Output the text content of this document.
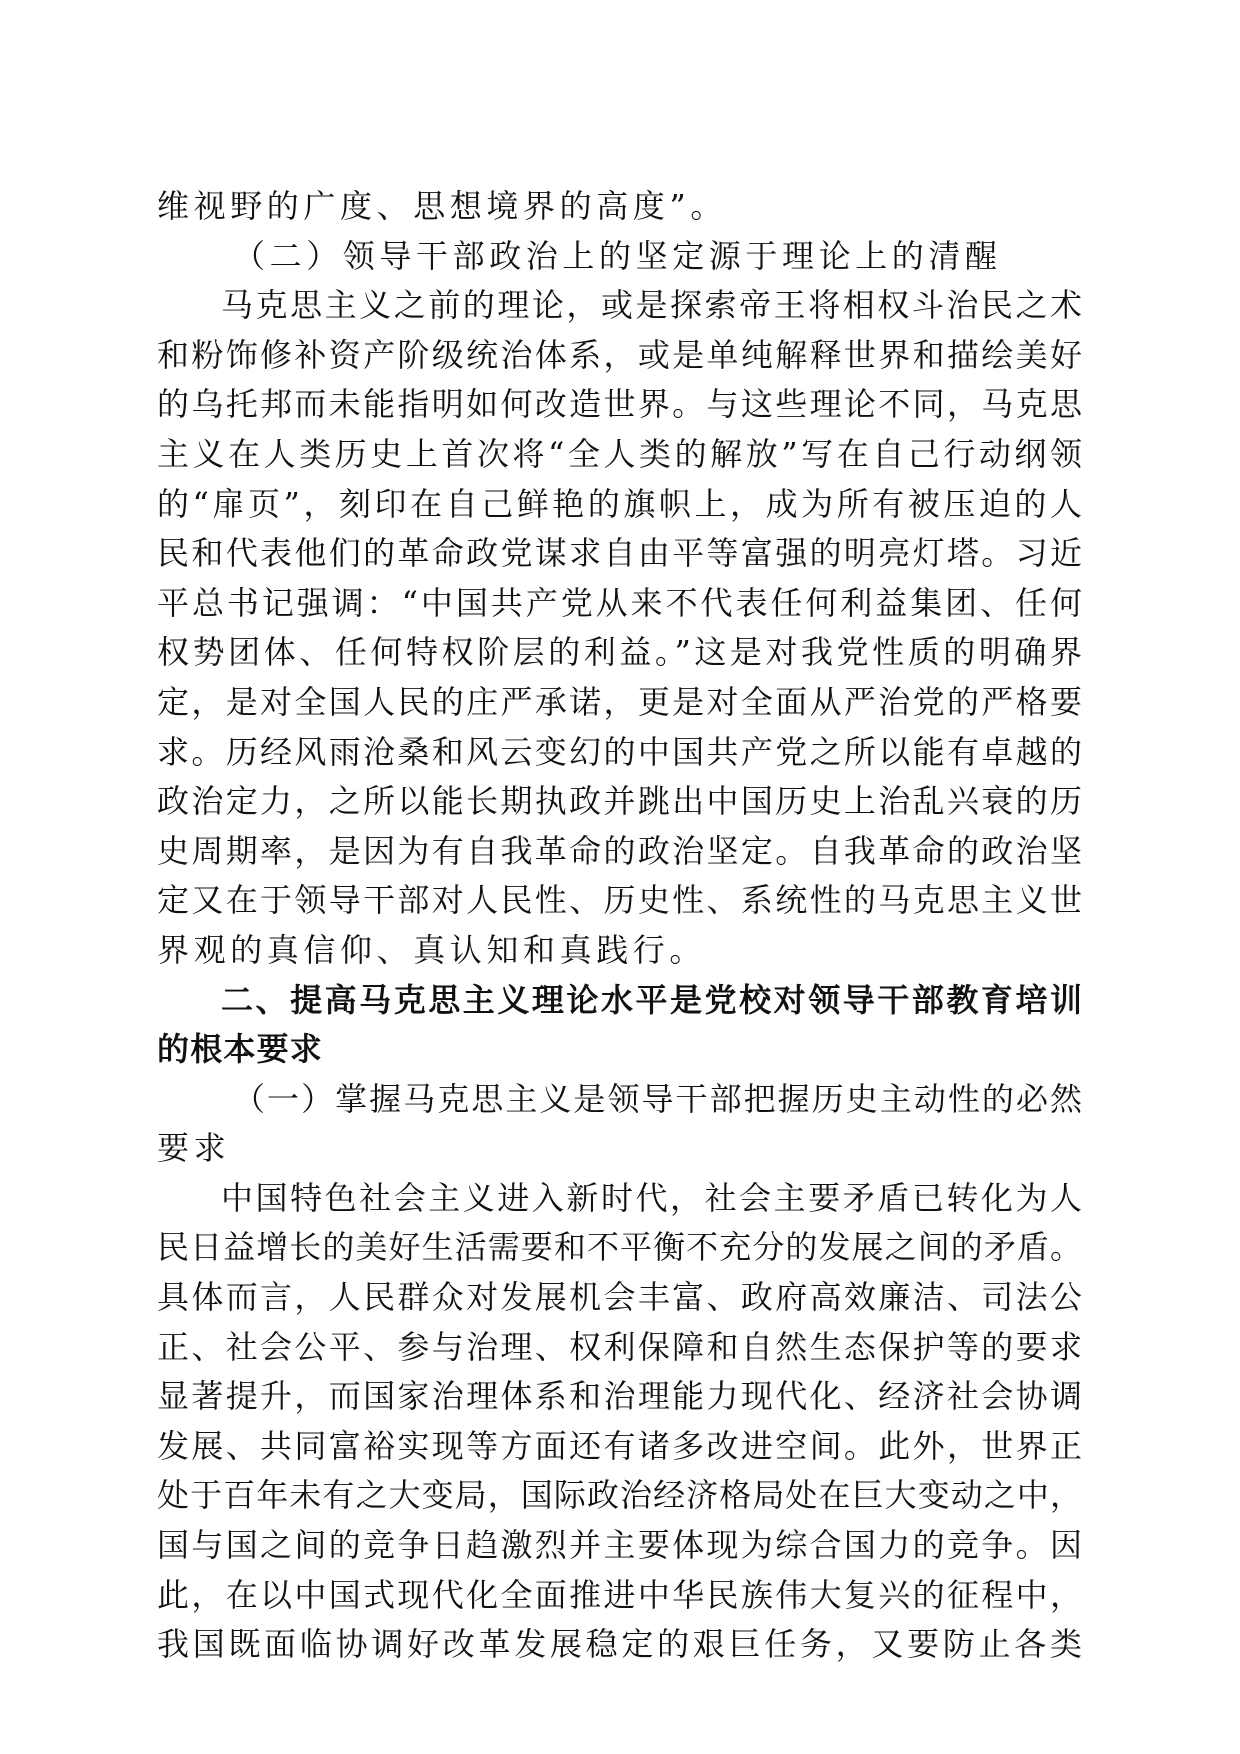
维视野的广度、思想境界的高度”。
（二）领导干部政治上的坚定源于理论上的清醒
马克思主义之前的理论，或是探索帝王将相权斗治民之术
和粉饰修补资产阶级统治体系，或是单纯解释世界和描绘美好
的乌托邦而未能指明如何改造世界。与这些理论不同，马克思
主义在人类历史上首次将“全人类的解放”写在自己行动纲领
的“扉页”，刻印在自己鲜艳的旗帜上，成为所有被压迫的人
民和代表他们的革命政党谋求自由平等富强的明亮灯塔。习近
平总书记强调：“中国共产党从来不代表任何利益集团、任何
权势团体、任何特权阶层的利益。”这是对我党性质的明确界
定，是对全国人民的庄严承诺，更是对全面从严治党的严格要
求。历经风雨沧桑和风云变幻的中国共产党之所以能有卓越的
政治定力，之所以能长期执政并跳出中国历史上治乱兴衰的历
史周期率，是因为有自我革命的政治坚定。自我革命的政治坚
定又在于领导干部对人民性、历史性、系统性的马克思主义世
界观的真信仰、真认知和真践行。
二、提高马克思主义理论水平是党校对领导干部教育培训
的根本要求
（一）掌握马克思主义是领导干部把握历史主动性的必然
要求
中国特色社会主义进入新时代，社会主要矛盾已转化为人
民日益增长的美好生活需要和不平衡不充分的发展之间的矛盾。
具体而言，人民群众对发展机会丰富、政府高效廉洁、司法公
正、社会公平、参与治理、权利保障和自然生态保护等的要求
显著提升，而国家治理体系和治理能力现代化、经济社会协调
发展、共同富裕实现等方面还有诸多改进空间。此外，世界正
处于百年未有之大变局，国际政治经济格局处在巨大变动之中，
国与国之间的竞争日趋激烈并主要体现为综合国力的竞争。因
此，在以中国式现代化全面推进中华民族伟大复兴的征程中，
我国既面临协调好改革发展稳定的艰巨任务，又要防止各类
